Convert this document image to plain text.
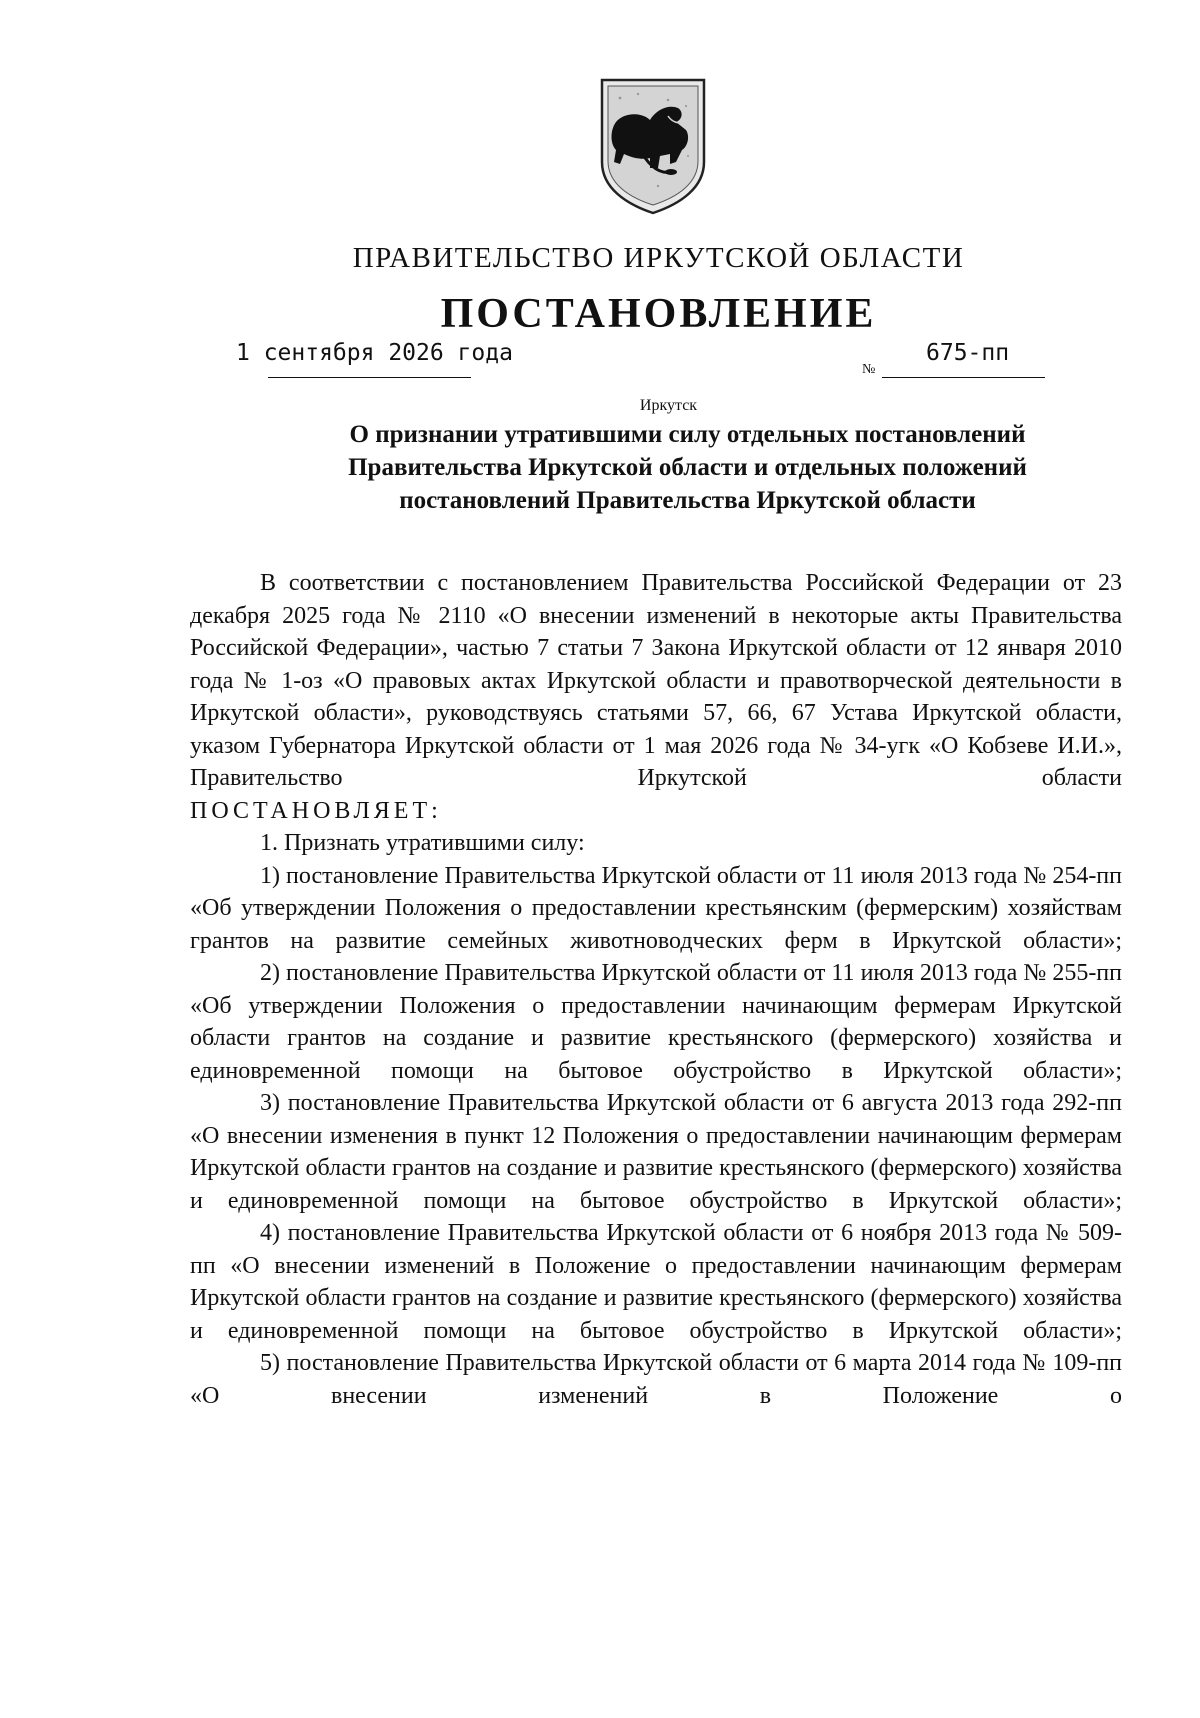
ПРАВИТЕЛЬСТВО ИРКУТСКОЙ ОБЛАСТИ
ПОСТАНОВЛЕНИЕ
1 сентября 2026 года
№
675-пп
Иркутск
О признании утратившими силу отдельных постановлений Правительства Иркутской области и отдельных положений постановлений Правительства Иркутской области

В соответствии с постановлением Правительства Российской Федерации от 23 декабря 2025 года № 2110 «О внесении изменений в некоторые акты Правительства Российской Федерации», частью 7 статьи 7 Закона Иркутской области от 12 января 2010 года № 1-оз «О правовых актах Иркутской области и правотворческой деятельности в Иркутской области», руководствуясь статьями 57, 66, 67 Устава Иркутской области, указом Губернатора Иркутской области от 1 мая 2026 года № 34-угк «О Кобзеве И.И.», Правительство Иркутской области

ПОСТАНОВЛЯЕТ:

1. Признать утратившими силу:

1) постановление Правительства Иркутской области от 11 июля 2013 года № 254-пп «Об утверждении Положения о предоставлении крестьянским (фермерским) хозяйствам грантов на развитие семейных животноводческих ферм в Иркутской области»;

2) постановление Правительства Иркутской области от 11 июля 2013 года № 255-пп «Об утверждении Положения о предоставлении начинающим фермерам Иркутской области грантов на создание и развитие крестьянского (фермерского) хозяйства и единовременной помощи на бытовое обустройство в Иркутской области»;

3) постановление Правительства Иркутской области от 6 августа 2013 года 292-пп «О внесении изменения в пункт 12 Положения о предоставлении начинающим фермерам Иркутской области грантов на создание и развитие крестьянского (фермерского) хозяйства и единовременной помощи на бытовое обустройство в Иркутской области»;

4) постановление Правительства Иркутской области от 6 ноября 2013 года № 509-пп «О внесении изменений в Положение о предоставлении начинающим фермерам Иркутской области грантов на создание и развитие крестьянского (фермерского) хозяйства и единовременной помощи на бытовое обустройство в Иркутской области»;

5) постановление Правительства Иркутской области от 6 марта 2014 года № 109-пп «О внесении изменений в Положение о
